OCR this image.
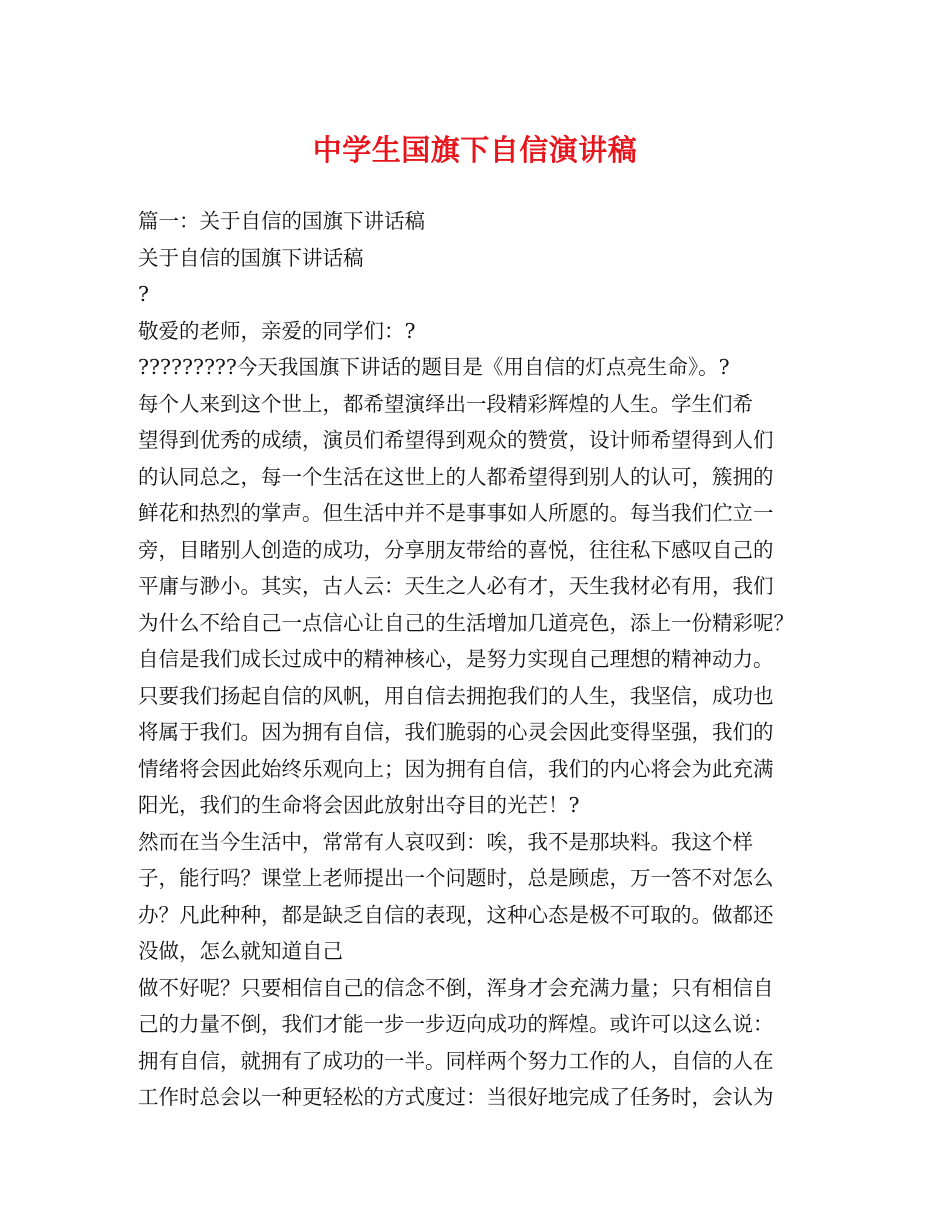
中学生国旗下自信演讲稿
篇一：关于自信的国旗下讲话稿
关于自信的国旗下讲话稿
?
敬爱的老师，亲爱的同学们：?
?????????今天我国旗下讲话的题目是《用自信的灯点亮生命》。?
每个人来到这个世上，都希望演绎出一段精彩辉煌的人生。学生们希
望得到优秀的成绩，演员们希望得到观众的赞赏，设计师希望得到人们
的认同总之，每一个生活在这世上的人都希望得到别人的认可，簇拥的
鲜花和热烈的掌声。但生活中并不是事事如人所愿的。每当我们伫立一
旁，目睹别人创造的成功，分享朋友带给的喜悦，往往私下感叹自己的
平庸与渺小。其实，古人云：天生之人必有才，天生我材必有用，我们
为什么不给自己一点信心让自己的生活增加几道亮色，添上一份精彩呢？
自信是我们成长过成中的精神核心，是努力实现自己理想的精神动力。
只要我们扬起自信的风帆，用自信去拥抱我们的人生，我坚信，成功也
将属于我们。因为拥有自信，我们脆弱的心灵会因此变得坚强，我们的
情绪将会因此始终乐观向上；因为拥有自信，我们的内心将会为此充满
阳光，我们的生命将会因此放射出夺目的光芒！?
然而在当今生活中，常常有人哀叹到：唉，我不是那块料。我这个样
子，能行吗？课堂上老师提出一个问题时，总是顾虑，万一答不对怎么
办？凡此种种，都是缺乏自信的表现，这种心态是极不可取的。做都还
没做，怎么就知道自己
做不好呢？只要相信自己的信念不倒，浑身才会充满力量；只有相信自
己的力量不倒，我们才能一步一步迈向成功的辉煌。或许可以这么说：
拥有自信，就拥有了成功的一半。同样两个努力工作的人，自信的人在
工作时总会以一种更轻松的方式度过：当很好地完成了任务时，会认为
